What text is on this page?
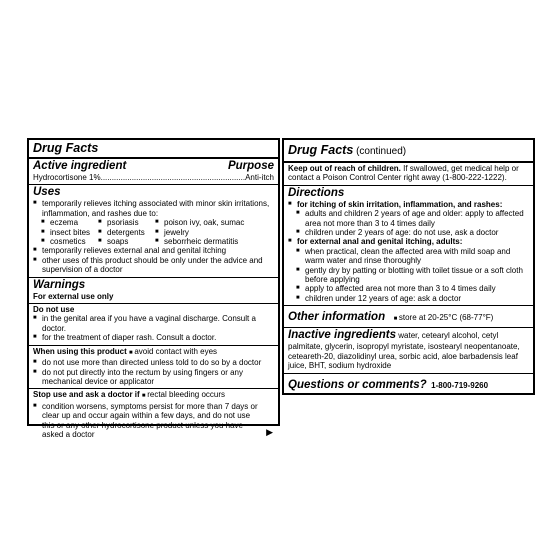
Drug Facts
Active ingredient	Purpose
Hydrocortisone 1% .....	Anti-itch
Uses
■ temporarily relieves itching associated with minor skin irritations, inflammation, and rashes due to:
■ eczema	■ psoriasis	■ poison ivy, oak, sumac
■ insect bites	■ detergents	■ jewelry
■ cosmetics	■ soaps	■ seborrheic dermatitis
■ temporarily relieves external anal and genital itching
■ other uses of this product should be only under the advice and supervision of a doctor
Warnings
For external use only
Do not use
■ in the genital area if you have a vaginal discharge. Consult a doctor.
■ for the treatment of diaper rash. Consult a doctor.
When using this product ■ avoid contact with eyes
■ do not use more than directed unless told to do so by a doctor
■ do not put directly into the rectum by using fingers or any mechanical device or applicator
Stop use and ask a doctor if ■ rectal bleeding occurs
■ condition worsens, symptoms persist for more than 7 days or clear up and occur again within a few days, and do not use this or any other hydrocortisone product unless you have asked a doctor	▶
Drug Facts (continued)
Keep out of reach of children. If swallowed, get medical help or contact a Poison Control Center right away (1-800-222-1222).
Directions
■ for itching of skin irritation, inflammation, and rashes:
■ adults and children 2 years of age and older: apply to affected area not more than 3 to 4 times daily
■ children under 2 years of age: do not use, ask a doctor
■ for external anal and genital itching, adults:
■ when practical, clean the affected area with mild soap and warm water and rinse thoroughly
■ gently dry by patting or blotting with toilet tissue or a soft cloth before applying
■ apply to affected area not more than 3 to 4 times daily
■ children under 12 years of age: ask a doctor
Other information ■ store at 20-25°C (68-77°F)
Inactive ingredients water, cetearyl alcohol, cetyl palmitate, glycerin, isopropyl myristate, isostearyl neopentanoate, ceteareth-20, diazolidinyl urea, sorbic acid, aloe barbadensis leaf juice, BHT, sodium hydroxide
Questions or comments? 1-800-719-9260
